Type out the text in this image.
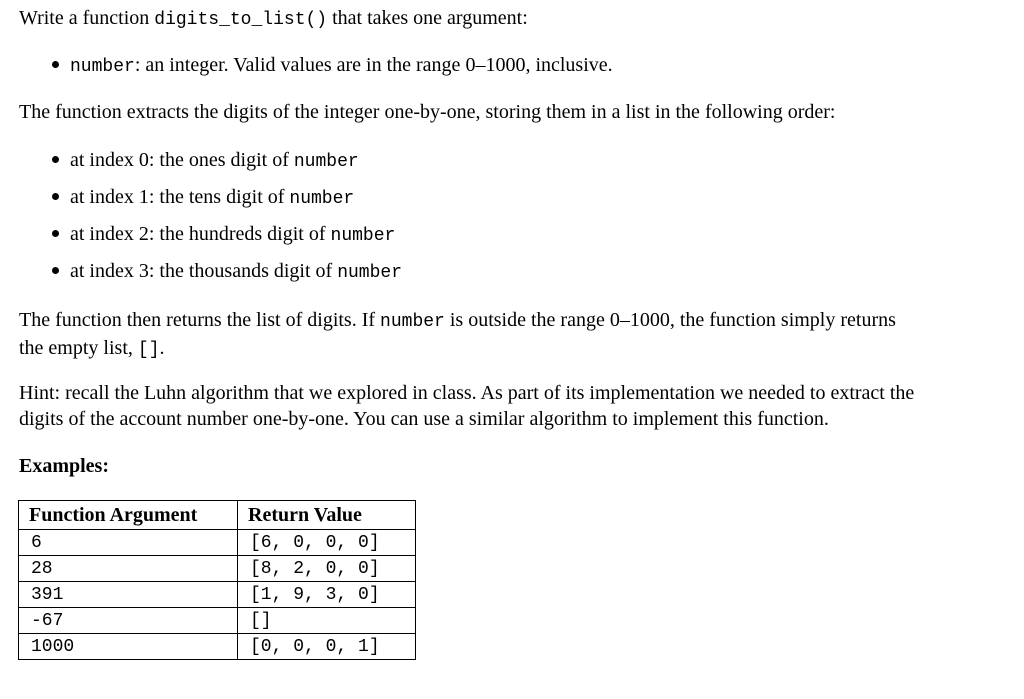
Write a function digits_to_list() that takes one argument:
number: an integer. Valid values are in the range 0–1000, inclusive.
The function extracts the digits of the integer one-by-one, storing them in a list in the following order:
at index 0: the ones digit of number
at index 1: the tens digit of number
at index 2: the hundreds digit of number
at index 3: the thousands digit of number
The function then returns the list of digits. If number is outside the range 0–1000, the function simply returns
the empty list, [].
Hint: recall the Luhn algorithm that we explored in class. As part of its implementation we needed to extract the
digits of the account number one-by-one. You can use a similar algorithm to implement this function.
Examples:
Function Argument	Return Value
6	[6, 0, 0, 0]
28	[8, 2, 0, 0]
391	[1, 9, 3, 0]
-67	[]
1000	[0, 0, 0, 1]
